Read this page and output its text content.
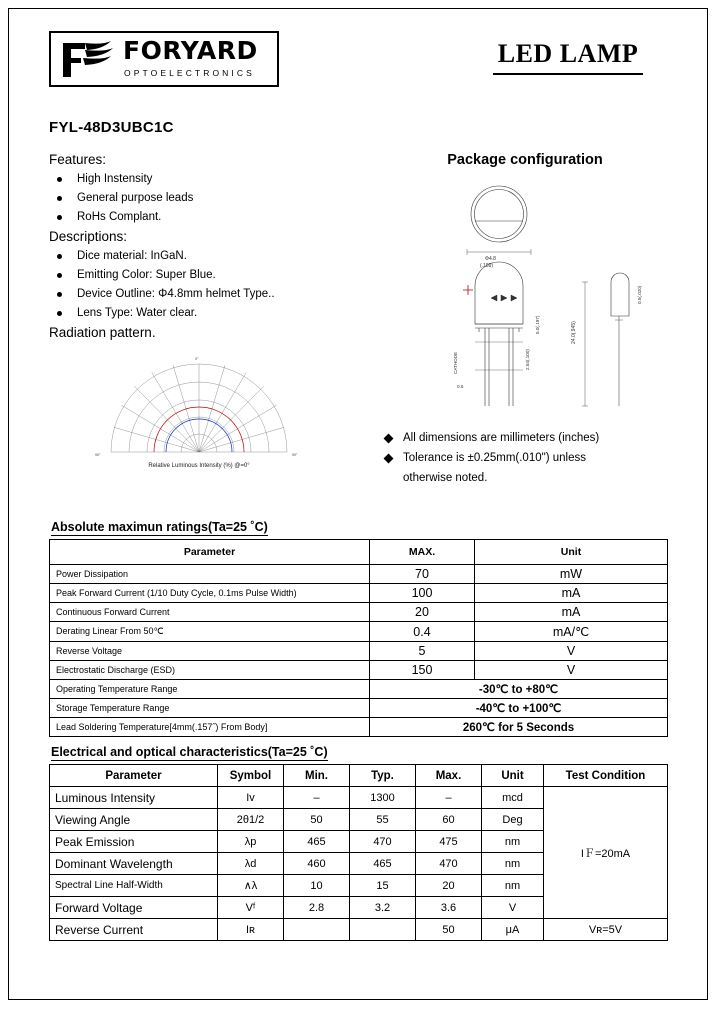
FORYARD
OPTOELECTRONICS
LED LAMP
FYL-48D3UBC1C
Features:
High Instensity
General purpose leads
RoHs Complant.
Descriptions:
Dice material: InGaN.
Emitting Color: Super Blue.
Device Outline: Φ4.8mm helmet Type..
Lens Type: Water clear.
Radiation pattern.
90°	90°
0°
Relative Luminous Intensity (%) @=0°
Package configuration
Φ4.8
(.189)
24.0(.945)
CATHODE	2.54(.100)
5.0(.197)
0.5(.020)
0.6
All dimensions are millimeters (inches)
Tolerance is ±0.25mm(.010") unless
otherwise noted.
Absolute maximun ratings(Ta=25 ˚C)
Parameter	MAX.	Unit
Power Dissipation	70	mW
Peak Forward Current (1/10 Duty Cycle, 0.1ms Pulse Width)	100	mA
Continuous Forward Current	20	mA
Derating Linear From 50℃	0.4	mA/℃
Reverse Voltage	5	V
Electrostatic Discharge (ESD)	150	V
Operating Temperature Range	-30℃ to +80℃	
Storage Temperature Range	-40℃ to +100℃	
Lead Soldering Temperature[4mm(.157˝) From Body]	260℃ for 5 Seconds	
Electrical and optical characteristics(Ta=25 ˚C)
Parameter	Symbol	Min.	Typ.	Max.	Unit	Test Condition
Luminous Intensity	Iᴠ	–	1300	–	mcd	IＦ=20mA
Viewing Angle	2θ1/2	50	55	60	Deg	
Peak Emission	λp	465	470	475	nm	
Dominant Wavelength	λd	460	465	470	nm	
Spectral Line Half-Width	∧λ	10	15	20	nm	
Forward Voltage	Vᶠ	2.8	3.2	3.6	V	
Reverse Current	Iʀ			50	μA	Vʀ=5V
